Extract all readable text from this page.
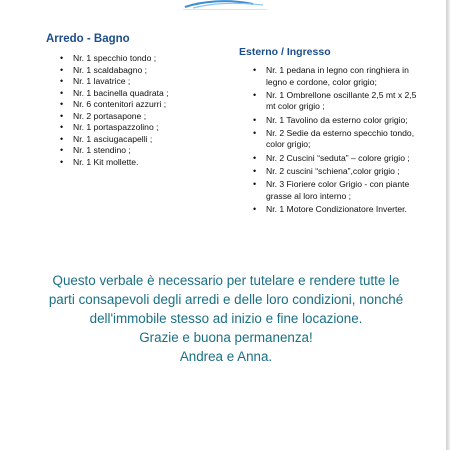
Arredo - Bagno
• Nr. 1 specchio tondo ;
• Nr. 1 scaldabagno ;
• Nr. 1 lavatrice ;
• Nr. 1 bacinella quadrata ;
• Nr. 6 contenitori azzurri ;
• Nr. 2 portasapone ;
• Nr. 1 portaspazzolino ;
• Nr. 1 asciugacapelli ;
• Nr. 1 stendino ;
• Nr. 1 Kit mollette.
Esterno / Ingresso
• Nr. 1 pedana in legno con ringhiera in legno e cordone, color grigio;
• Nr. 1 Ombrellone oscillante 2,5 mt x 2,5 mt color grigio ;
• Nr. 1 Tavolino da esterno color grigio;
• Nr. 2 Sedie da esterno specchio tondo, color grigio;
• Nr. 2 Cuscini “seduta” – colore grigio ;
• Nr. 2 cuscini “schiena”,color grigio ;
• Nr. 3 Fioriere color Grigio - con piante grasse al loro interno ;
• Nr. 1 Motore Condizionatore Inverter.
Questo verbale è necessario per tutelare e rendere tutte le
parti consapevoli degli arredi e delle loro condizioni, nonché
dell'immobile stesso ad inizio e fine locazione.
Grazie e buona permanenza!
Andrea e Anna.
